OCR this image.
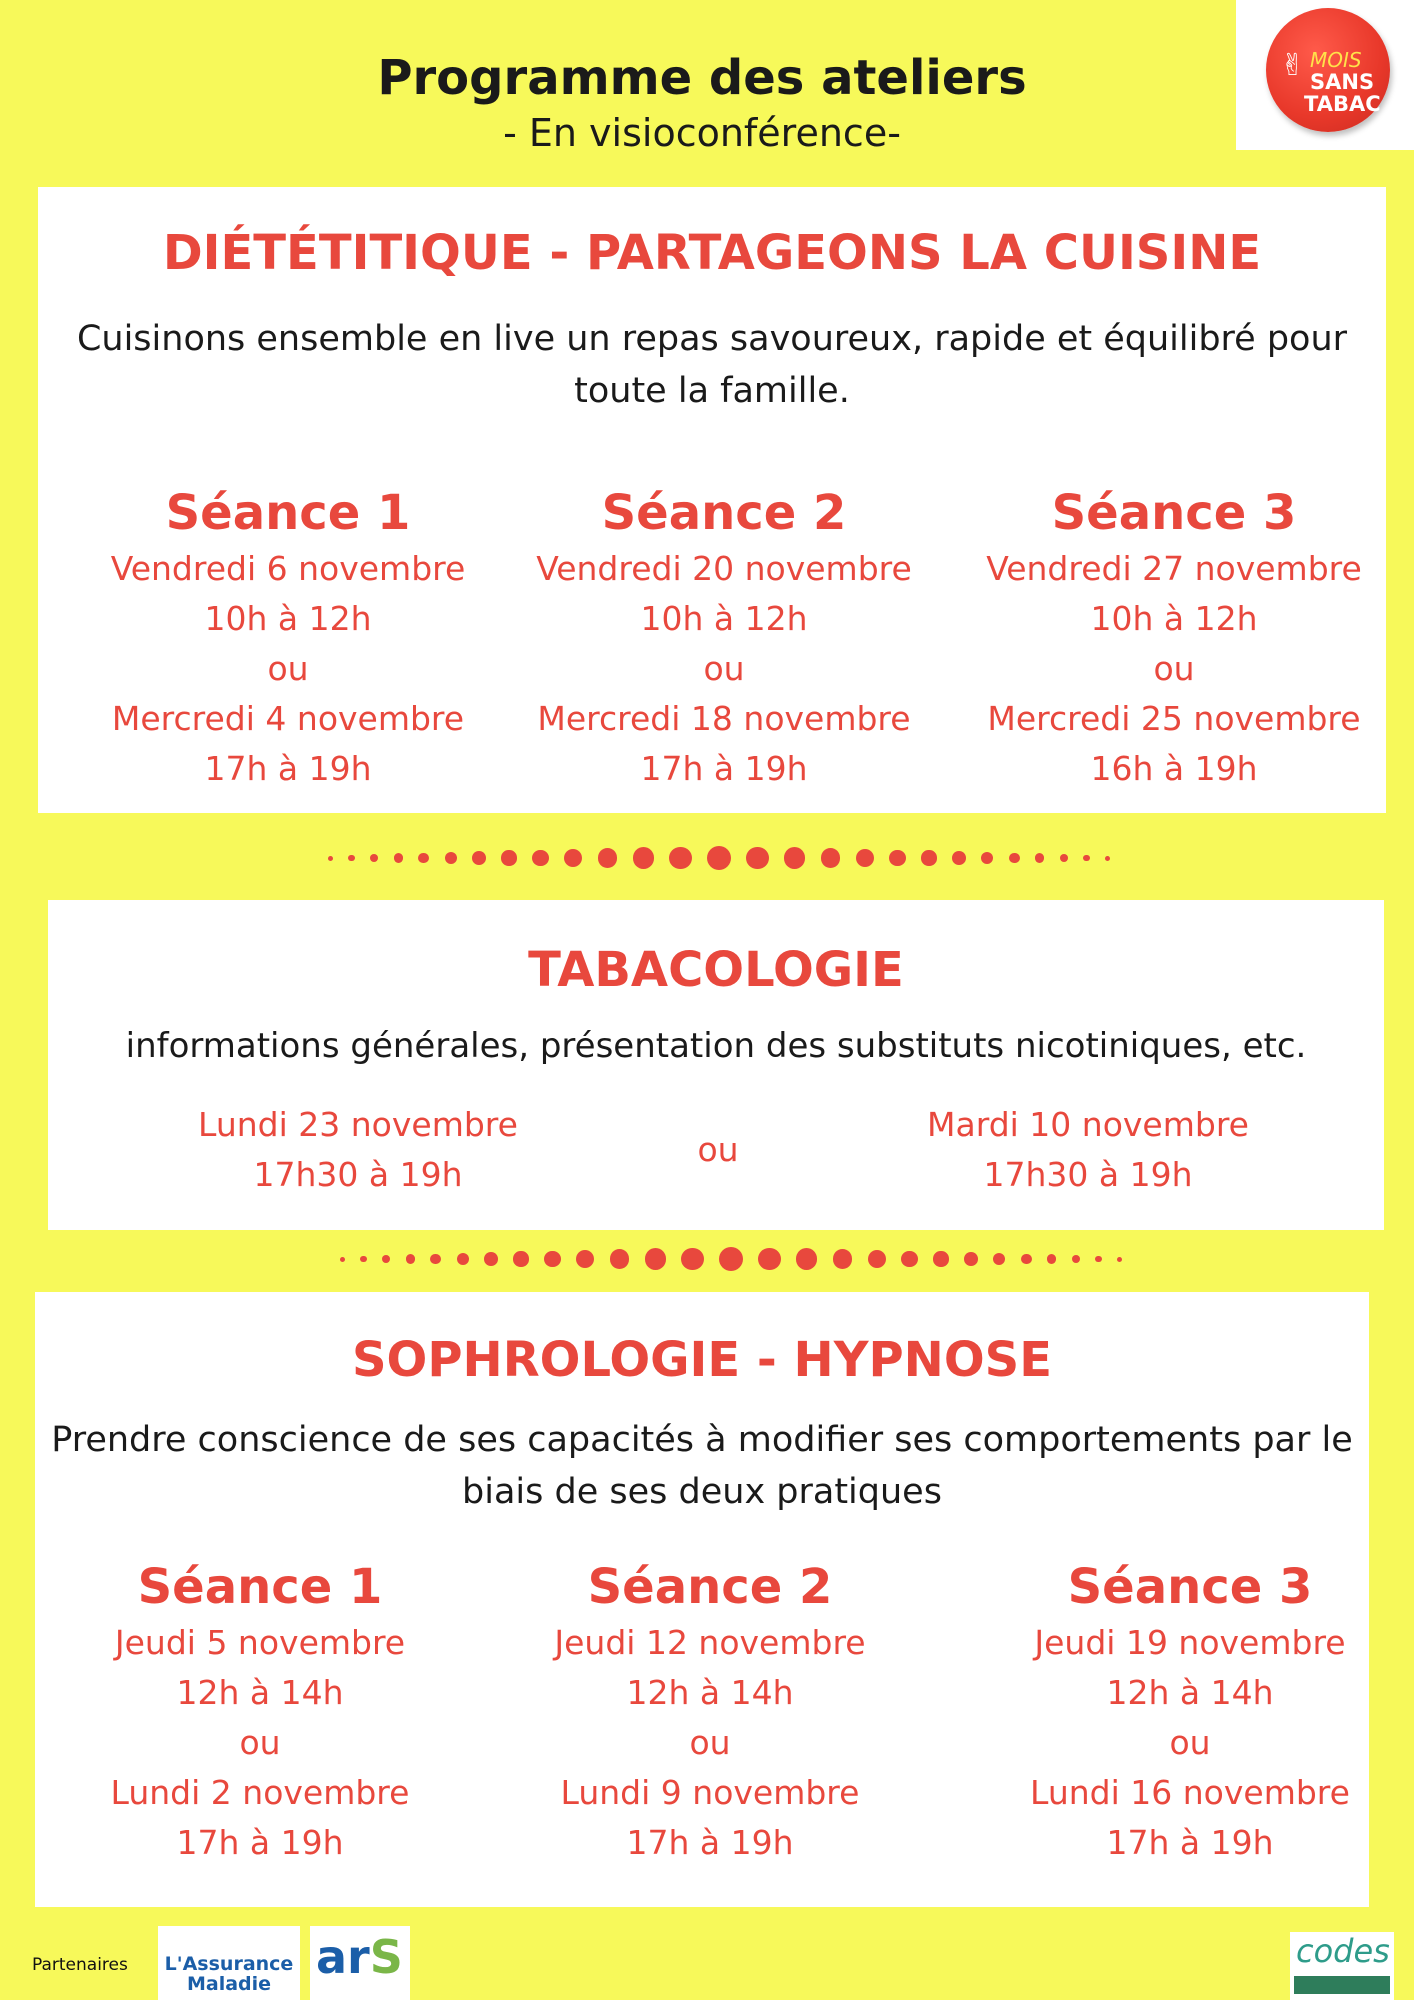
Programme des ateliers
- En visioconférence-
✌ MOIS
SANS
TABAC
DIÉTÉTITIQUE - PARTAGEONS LA CUISINE
Cuisinons ensemble en live un repas savoureux, rapide et équilibré pour
toute la famille.
Séance 1
Vendredi 6 novembre
10h à 12h
ou
Mercredi 4 novembre
17h à 19h
Séance 2
Vendredi 20 novembre
10h à 12h
ou
Mercredi 18 novembre
17h à 19h
Séance 3
Vendredi 27 novembre
10h à 12h
ou
Mercredi 25 novembre
16h à 19h
TABACOLOGIE
informations générales, présentation des substituts nicotiniques, etc.
Lundi 23 novembre
17h30 à 19h
ou
Mardi 10 novembre
17h30 à 19h
SOPHROLOGIE - HYPNOSE
Prendre conscience de ses capacités à modifier ses comportements par le
biais de ses deux pratiques
Séance 1
Jeudi 5 novembre
12h à 14h
ou
Lundi 2 novembre
17h à 19h
Séance 2
Jeudi 12 novembre
12h à 14h
ou
Lundi 9 novembre
17h à 19h
Séance 3
Jeudi 19 novembre
12h à 14h
ou
Lundi 16 novembre
17h à 19h
Partenaires	L'Assurance
Maladie arS	codes
